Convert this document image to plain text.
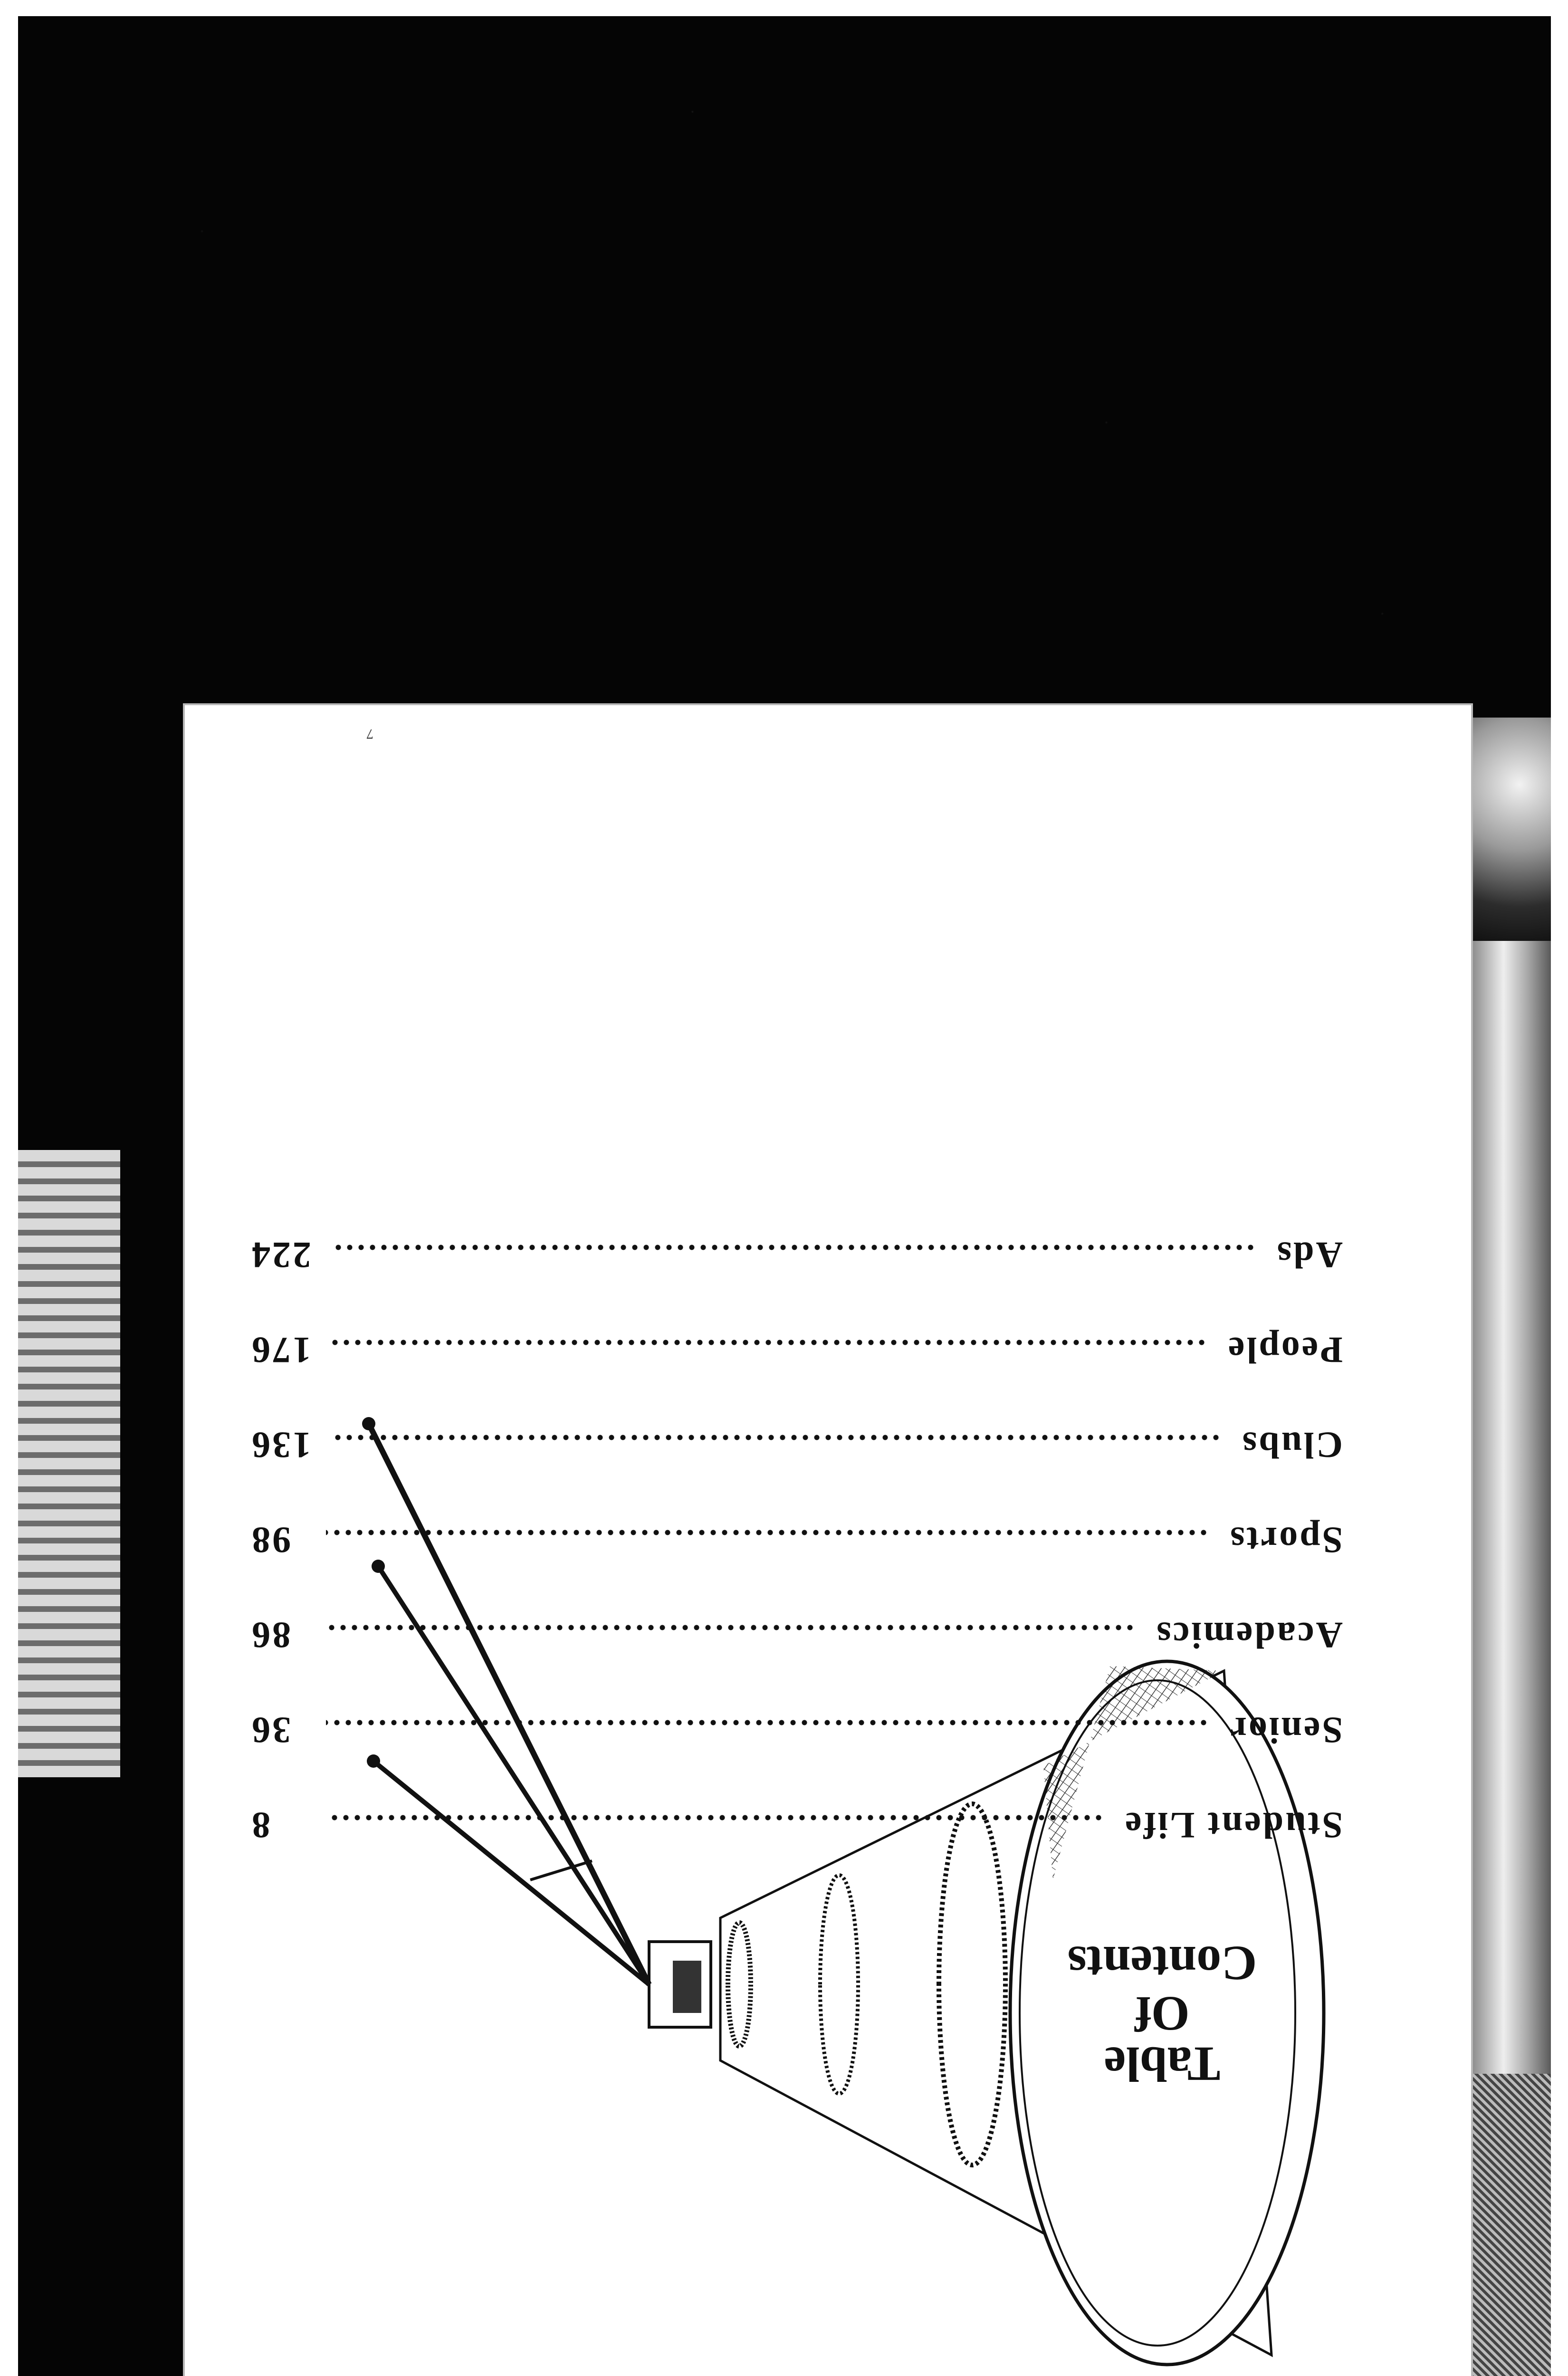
Table
Of
Contents
Student Life
8
Senior
36
Academics
86
Sports
98
Clubs
136
People
176
Ads
224
7
